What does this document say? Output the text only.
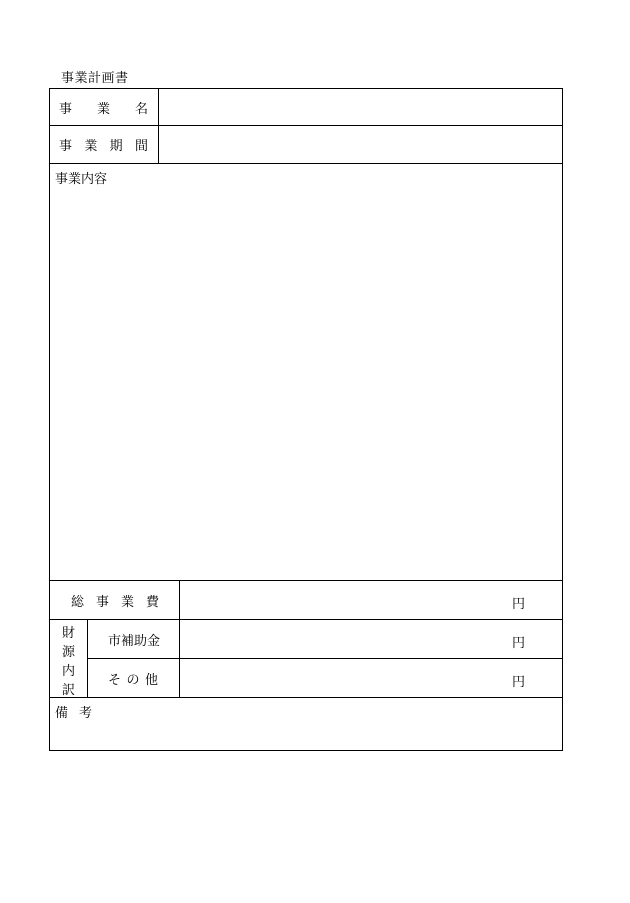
事業計画書
事 業 名
事 業 期 間
事業内容
総 事 業 費	円
財
源
内
訳
市補助金	円
そ の 他	円
備 考
